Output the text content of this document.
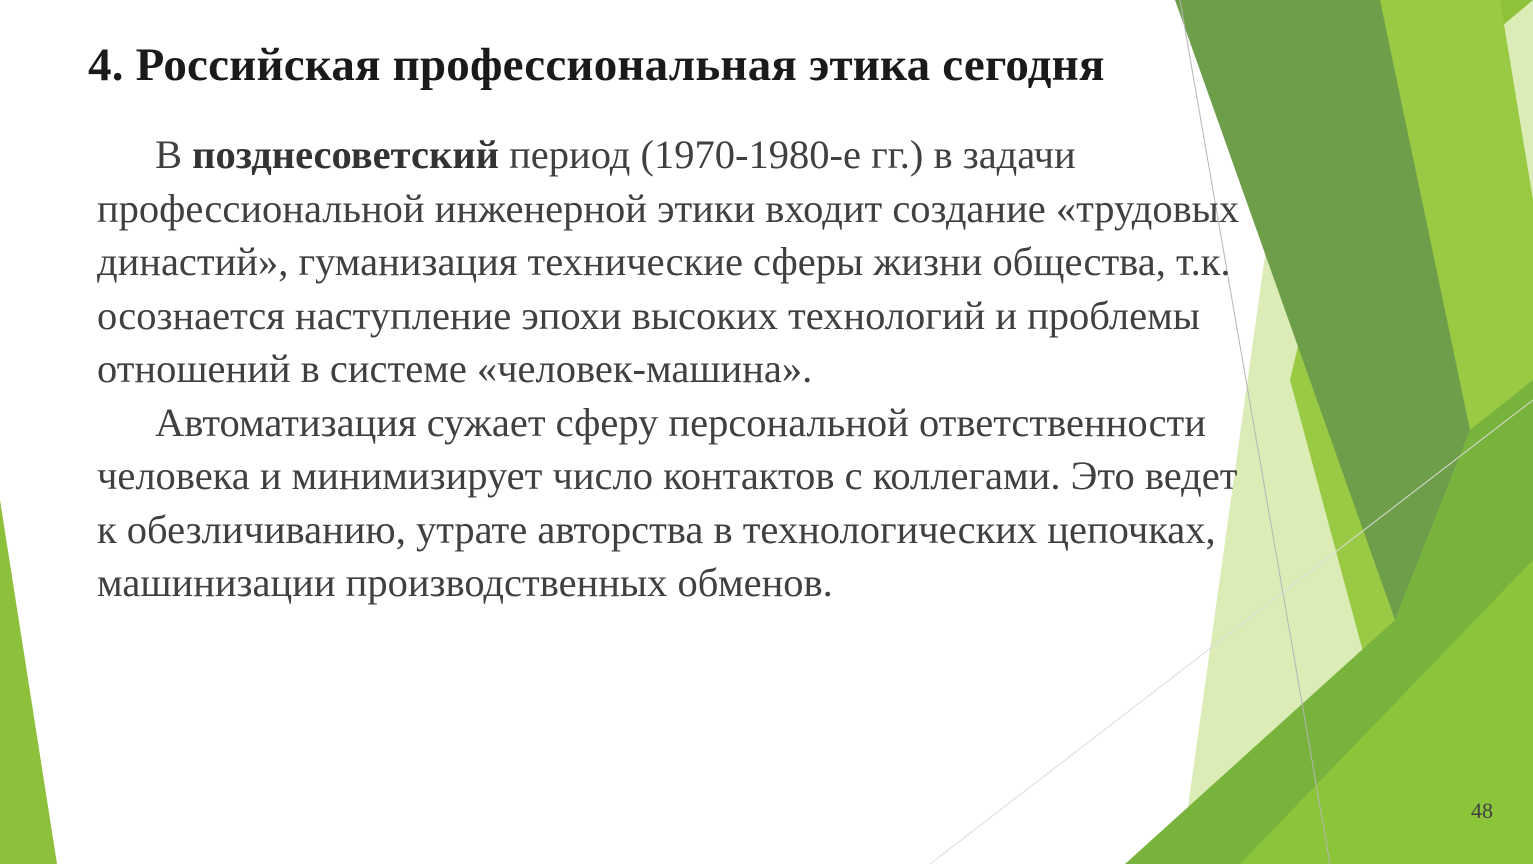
4. Российская профессиональная этика сегодня

В позднесоветский период (1970-1980-е гг.) в задачи профессиональной инженерной этики входит создание «трудовых династий», гуманизация технические сферы жизни общества, т.к. осознается наступление эпохи высоких технологий и проблемы отношений в системе «человек-машина».

Автоматизация сужает сферу персональной ответственности человека и минимизирует число контактов с коллегами. Это ведет к обезличиванию, утрате авторства в технологических цепочках, машинизации производственных обменов.

48
